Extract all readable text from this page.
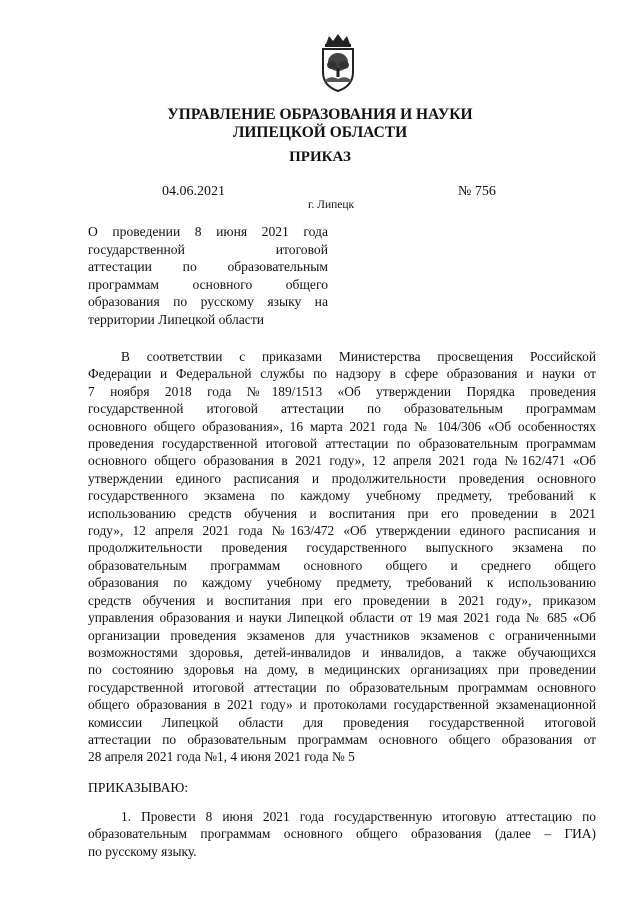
УПРАВЛЕНИЕ ОБРАЗОВАНИЯ И НАУКИ
ЛИПЕЦКОЙ ОБЛАСТИ
ПРИКАЗ
04.06.2021	№ 756
г. Липецк
О проведении 8 июня 2021 года
государственной итоговой
аттестации по образовательным
программам основного общего
образования по русскому языку на
территории Липецкой области
В соответствии с приказами Министерства просвещения Российской
Федерации и Федеральной службы по надзору в сфере образования и науки от
7 ноября 2018 года №189/1513 «Об утверждении Порядка проведения
государственной итоговой аттестации по образовательным программам
основного общего образования», 16 марта 2021 года № 104/306 «Об особенностях
проведения государственной итоговой аттестации по образовательным программам
основного общего образования в 2021 году», 12 апреля 2021 года №162/471 «Об
утверждении единого расписания и продолжительности проведения основного
государственного экзамена по каждому учебному предмету, требований к
использованию средств обучения и воспитания при его проведении в 2021
году», 12 апреля 2021 года №163/472 «Об утверждении единого расписания и
продолжительности проведения государственного выпускного экзамена по
образовательным программам основного общего и среднего общего
образования по каждому учебному предмету, требований к использованию
средств обучения и воспитания при его проведении в 2021 году», приказом
управления образования и науки Липецкой области от 19 мая 2021 года № 685 «Об
организации проведения экзаменов для участников экзаменов с ограниченными
возможностями здоровья, детей-инвалидов и инвалидов, а также обучающихся
по состоянию здоровья на дому, в медицинских организациях при проведении
государственной итоговой аттестации по образовательным программам основного
общего образования в 2021 году» и протоколами государственной экзаменационной
комиссии Липецкой области для проведения государственной итоговой
аттестации по образовательным программам основного общего образования от
28 апреля 2021 года №1, 4 июня 2021 года № 5
ПРИКАЗЫВАЮ:
1. Провести 8 июня 2021 года государственную итоговую аттестацию по
образовательным программам основного общего образования (далее – ГИА)
по русскому языку.
